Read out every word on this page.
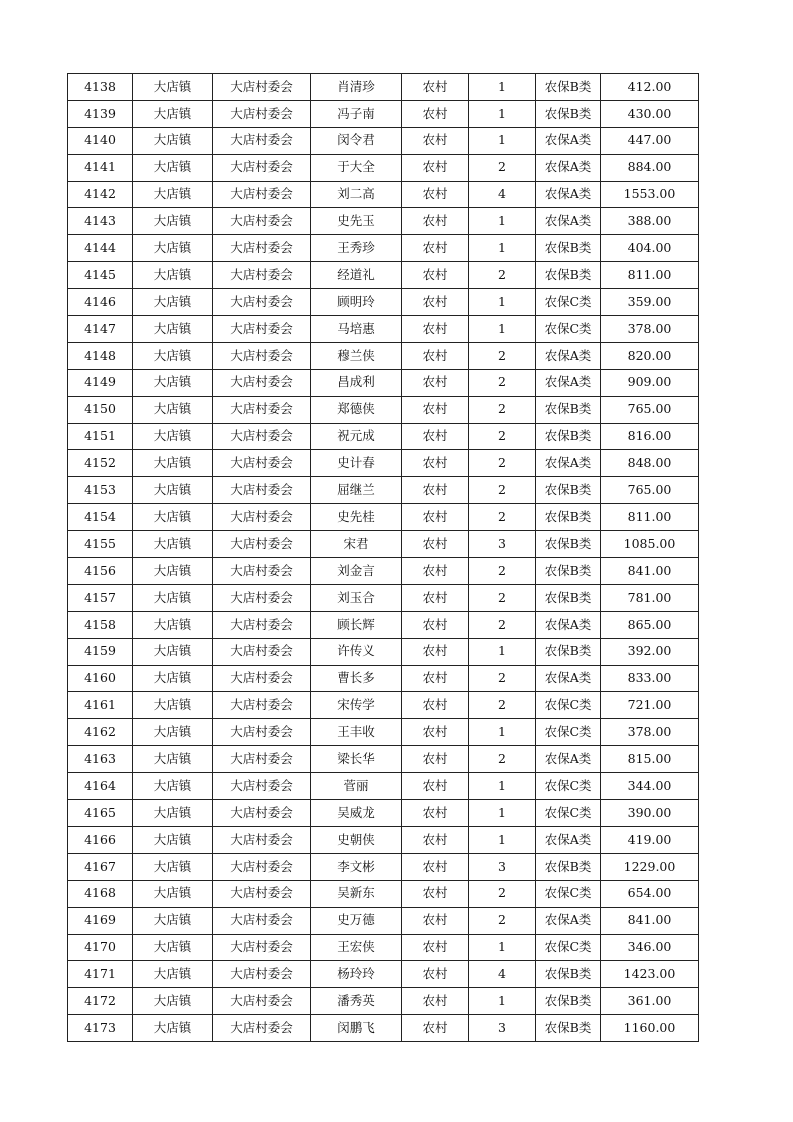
4138	大店镇	大店村委会	肖清珍	农村	1	农保B类	412.00
4139	大店镇	大店村委会	冯子南	农村	1	农保B类	430.00
4140	大店镇	大店村委会	闵令君	农村	1	农保A类	447.00
4141	大店镇	大店村委会	于大全	农村	2	农保A类	884.00
4142	大店镇	大店村委会	刘二高	农村	4	农保A类	1553.00
4143	大店镇	大店村委会	史先玉	农村	1	农保A类	388.00
4144	大店镇	大店村委会	王秀珍	农村	1	农保B类	404.00
4145	大店镇	大店村委会	经道礼	农村	2	农保B类	811.00
4146	大店镇	大店村委会	顾明玲	农村	1	农保C类	359.00
4147	大店镇	大店村委会	马培惠	农村	1	农保C类	378.00
4148	大店镇	大店村委会	穆兰侠	农村	2	农保A类	820.00
4149	大店镇	大店村委会	昌成利	农村	2	农保A类	909.00
4150	大店镇	大店村委会	郑德侠	农村	2	农保B类	765.00
4151	大店镇	大店村委会	祝元成	农村	2	农保B类	816.00
4152	大店镇	大店村委会	史计春	农村	2	农保A类	848.00
4153	大店镇	大店村委会	屈继兰	农村	2	农保B类	765.00
4154	大店镇	大店村委会	史先桂	农村	2	农保B类	811.00
4155	大店镇	大店村委会	宋君	农村	3	农保B类	1085.00
4156	大店镇	大店村委会	刘金言	农村	2	农保B类	841.00
4157	大店镇	大店村委会	刘玉合	农村	2	农保B类	781.00
4158	大店镇	大店村委会	顾长辉	农村	2	农保A类	865.00
4159	大店镇	大店村委会	许传义	农村	1	农保B类	392.00
4160	大店镇	大店村委会	曹长多	农村	2	农保A类	833.00
4161	大店镇	大店村委会	宋传学	农村	2	农保C类	721.00
4162	大店镇	大店村委会	王丰收	农村	1	农保C类	378.00
4163	大店镇	大店村委会	梁长华	农村	2	农保A类	815.00
4164	大店镇	大店村委会	菅丽	农村	1	农保C类	344.00
4165	大店镇	大店村委会	吴威龙	农村	1	农保C类	390.00
4166	大店镇	大店村委会	史朝侠	农村	1	农保A类	419.00
4167	大店镇	大店村委会	李文彬	农村	3	农保B类	1229.00
4168	大店镇	大店村委会	吴新东	农村	2	农保C类	654.00
4169	大店镇	大店村委会	史万德	农村	2	农保A类	841.00
4170	大店镇	大店村委会	王宏侠	农村	1	农保C类	346.00
4171	大店镇	大店村委会	杨玲玲	农村	4	农保B类	1423.00
4172	大店镇	大店村委会	潘秀英	农村	1	农保B类	361.00
4173	大店镇	大店村委会	闵鹏飞	农村	3	农保B类	1160.00
